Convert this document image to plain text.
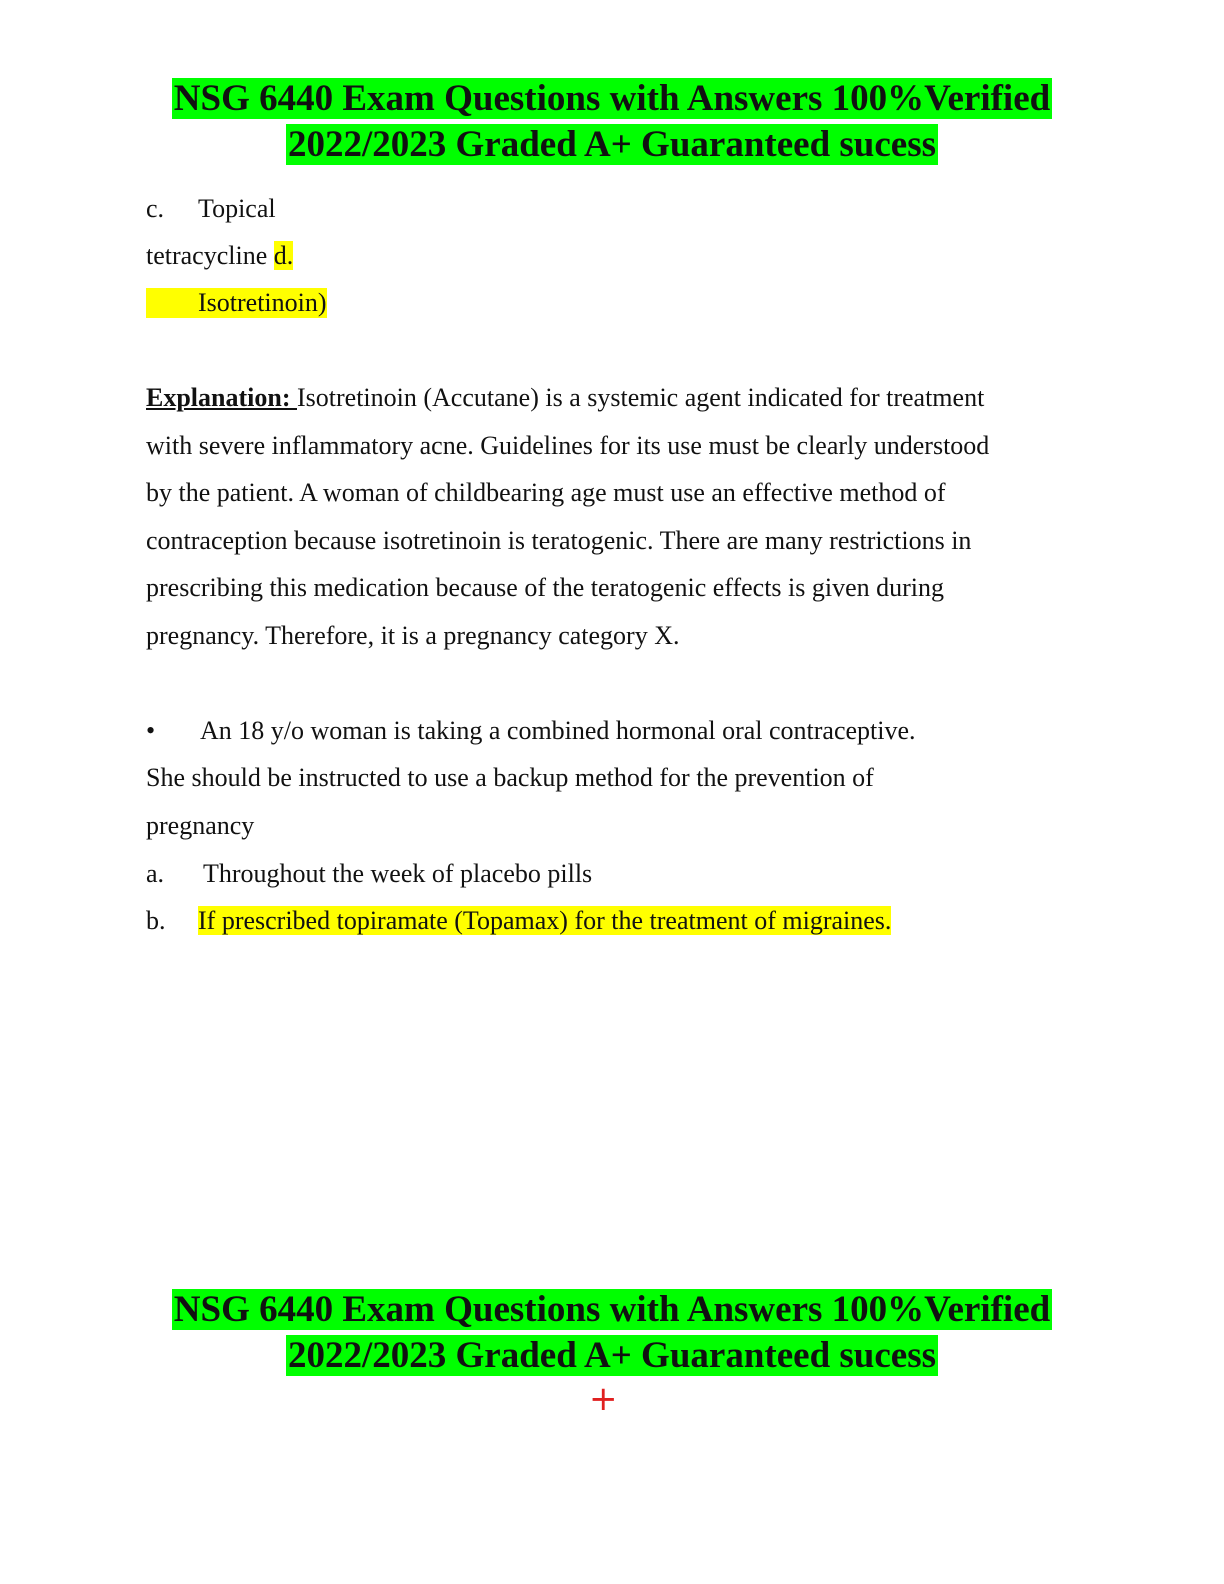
NSG 6440 Exam Questions with Answers 100%Verified
2022/2023 Graded A+ Guaranteed sucess
c. Topical
tetracycline d.
Isotretinoin)
Explanation: Isotretinoin (Accutane) is a systemic agent indicated for treatment
with severe inflammatory acne. Guidelines for its use must be clearly understood
by the patient. A woman of childbearing age must use an effective method of
contraception because isotretinoin is teratogenic. There are many restrictions in
prescribing this medication because of the teratogenic effects is given during
pregnancy. Therefore, it is a pregnancy category X.
• An 18 y/o woman is taking a combined hormonal oral contraceptive.
She should be instructed to use a backup method for the prevention of
pregnancy
a. Throughout the week of placebo pills
b. If prescribed topiramate (Topamax) for the treatment of migraines.
NSG 6440 Exam Questions with Answers 100%Verified
2022/2023 Graded A+ Guaranteed sucess
+
